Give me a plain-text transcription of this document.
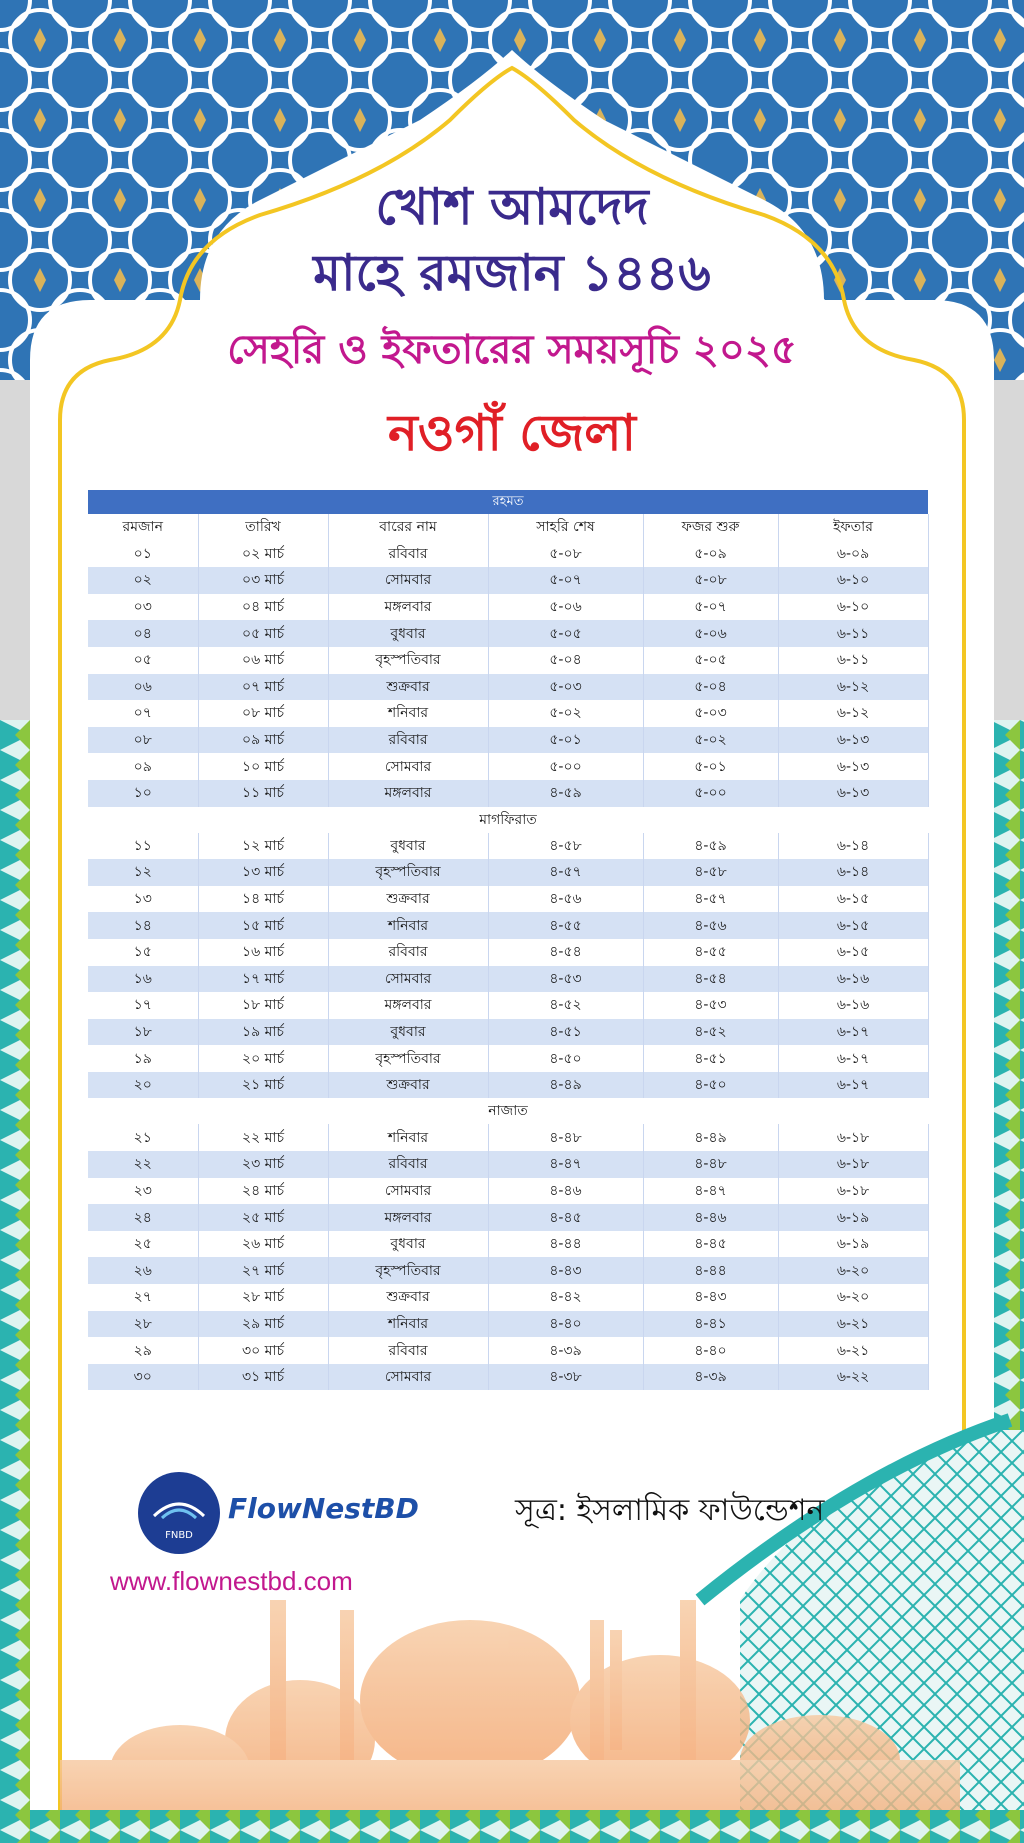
খোশ আমদেদ
মাহে রমজান ১৪৪৬
সেহরি ও ইফতারের সময়সূচি ২০২৫
নওগাঁ জেলা
রহমত					
রমজান	তারিখ	বারের নাম	সাহরি শেষ	ফজর শুরু	ইফতার
০১	০২ মার্চ	রবিবার	৫-০৮	৫-০৯	৬-০৯
০২	০৩ মার্চ	সোমবার	৫-০৭	৫-০৮	৬-১০
০৩	০৪ মার্চ	মঙ্গলবার	৫-০৬	৫-০৭	৬-১০
০৪	০৫ মার্চ	বুধবার	৫-০৫	৫-০৬	৬-১১
০৫	০৬ মার্চ	বৃহস্পতিবার	৫-০৪	৫-০৫	৬-১১
০৬	০৭ মার্চ	শুক্রবার	৫-০৩	৫-০৪	৬-১২
০৭	০৮ মার্চ	শনিবার	৫-০২	৫-০৩	৬-১২
০৮	০৯ মার্চ	রবিবার	৫-০১	৫-০২	৬-১৩
০৯	১০ মার্চ	সোমবার	৫-০০	৫-০১	৬-১৩
১০	১১ মার্চ	মঙ্গলবার	৪-৫৯	৫-০০	৬-১৩
মাগফিরাত					
১১	১২ মার্চ	বুধবার	৪-৫৮	৪-৫৯	৬-১৪
১২	১৩ মার্চ	বৃহস্পতিবার	৪-৫৭	৪-৫৮	৬-১৪
১৩	১৪ মার্চ	শুক্রবার	৪-৫৬	৪-৫৭	৬-১৫
১৪	১৫ মার্চ	শনিবার	৪-৫৫	৪-৫৬	৬-১৫
১৫	১৬ মার্চ	রবিবার	৪-৫৪	৪-৫৫	৬-১৫
১৬	১৭ মার্চ	সোমবার	৪-৫৩	৪-৫৪	৬-১৬
১৭	১৮ মার্চ	মঙ্গলবার	৪-৫২	৪-৫৩	৬-১৬
১৮	১৯ মার্চ	বুধবার	৪-৫১	৪-৫২	৬-১৭
১৯	২০ মার্চ	বৃহস্পতিবার	৪-৫০	৪-৫১	৬-১৭
২০	২১ মার্চ	শুক্রবার	৪-৪৯	৪-৫০	৬-১৭
নাজাত					
২১	২২ মার্চ	শনিবার	৪-৪৮	৪-৪৯	৬-১৮
২২	২৩ মার্চ	রবিবার	৪-৪৭	৪-৪৮	৬-১৮
২৩	২৪ মার্চ	সোমবার	৪-৪৬	৪-৪৭	৬-১৮
২৪	২৫ মার্চ	মঙ্গলবার	৪-৪৫	৪-৪৬	৬-১৯
২৫	২৬ মার্চ	বুধবার	৪-৪৪	৪-৪৫	৬-১৯
২৬	২৭ মার্চ	বৃহস্পতিবার	৪-৪৩	৪-৪৪	৬-২০
২৭	২৮ মার্চ	শুক্রবার	৪-৪২	৪-৪৩	৬-২০
২৮	২৯ মার্চ	শনিবার	৪-৪০	৪-৪১	৬-২১
২৯	৩০ মার্চ	রবিবার	৪-৩৯	৪-৪০	৬-২১
৩০	৩১ মার্চ	সোমবার	৪-৩৮	৪-৩৯	৬-২২
FNBD
FlowNestBD	সূত্র: ইসলামিক ফাউন্ডেশন
www.flownestbd.com
